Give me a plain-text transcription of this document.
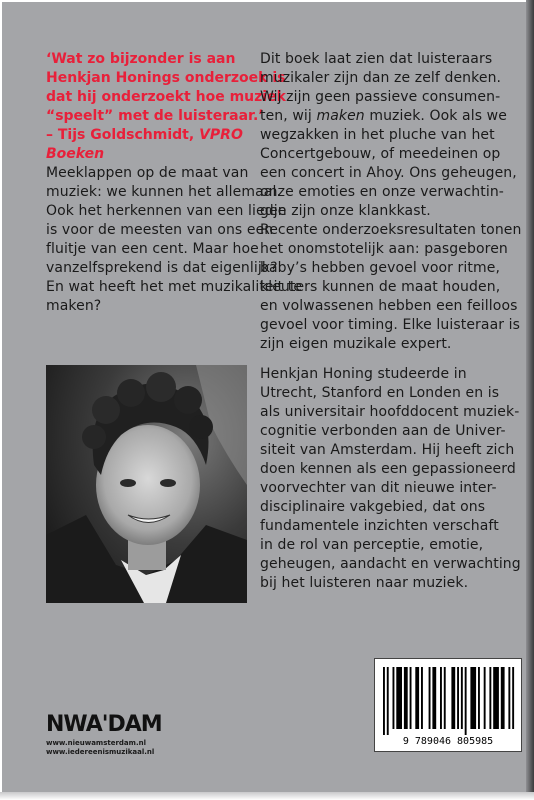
‘Wat zo bijzonder is aan
Henkjan Honings onderzoek is
dat hij onderzoekt hoe muziek
“speelt” met de luisteraar.’
– Tijs Goldschmidt, VPRO
Boeken
Meeklappen op de maat van
muziek: we kunnen het allemaal.
Ook het herkennen van een liedje
is voor de meesten van ons een
fluitje van een cent. Maar hoe
vanzelfsprekend is dat eigenlijk?
En wat heeft het met muzikaliteit te
maken?
Dit boek laat zien dat luisteraars
muzikaler zijn dan ze zelf denken.
Wij zijn geen passieve consumen-
ten, wij maken muziek. Ook als we
wegzakken in het pluche van het
Concertgebouw, of meedeinen op
een concert in Ahoy. Ons geheugen,
onze emoties en onze verwachtin-
gen zijn onze klankkast.
Recente onderzoeksresultaten tonen
het onomstotelijk aan: pasgeboren
baby’s hebben gevoel voor ritme,
kleuters kunnen de maat houden,
en volwassenen hebben een feilloos
gevoel voor timing. Elke luisteraar is
zijn eigen muzikale expert.
Henkjan Honing studeerde in
Utrecht, Stanford en Londen en is
als universitair hoofddocent muziek-
cognitie verbonden aan de Univer-
siteit van Amsterdam. Hij heeft zich
doen kennen als een gepassioneerd
voorvechter van dit nieuwe inter-
disciplinaire vakgebied, dat ons
fundamentele inzichten verschaft
in de rol van perceptie, emotie,
geheugen, aandacht en verwachting
bij het luisteren naar muziek.
NWA'DAM
www.nieuwamsterdam.nl
www.iedereenismuzikaal.nl
9 789046 805985
